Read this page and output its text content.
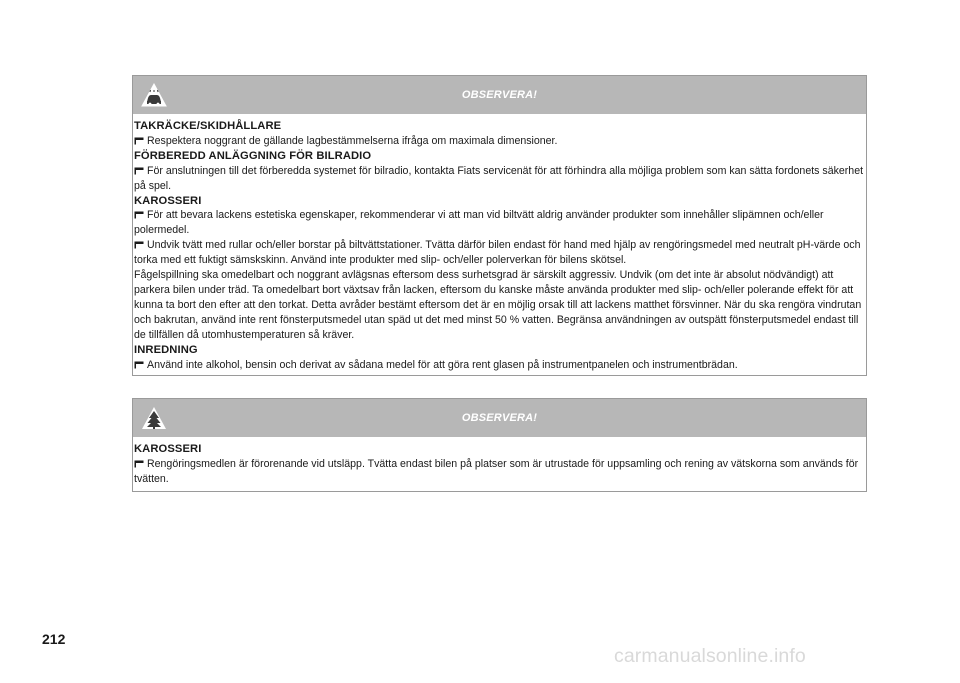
OBSERVERA!
TAKRÄCKE/SKIDHÅLLARE
Respektera noggrant de gällande lagbestämmelserna ifråga om maximala dimensioner.
FÖRBEREDD ANLÄGGNING FÖR BILRADIO
För anslutningen till det förberedda systemet för bilradio, kontakta Fiats servicenät för att förhindra alla möjliga problem som kan sätta fordonets säkerhet på spel.
KAROSSERI
För att bevara lackens estetiska egenskaper, rekommenderar vi att man vid biltvätt aldrig använder produkter som innehåller slipämnen och/eller polermedel.
Undvik tvätt med rullar och/eller borstar på biltvättstationer. Tvätta därför bilen endast för hand med hjälp av rengöringsmedel med neutralt pH-värde och torka med ett fuktigt sämskskinn. Använd inte produkter med slip- och/eller polerverkan för bilens skötsel.
Fågelspillning ska omedelbart och noggrant avlägsnas eftersom dess surhetsgrad är särskilt aggressiv. Undvik (om det inte är absolut nödvändigt) att parkera bilen under träd. Ta omedelbart bort växtsav från lacken, eftersom du kanske måste använda produkter med slip- och/eller polerande effekt för att kunna ta bort den efter att den torkat. Detta avråder bestämt eftersom det är en möjlig orsak till att lackens matthet försvinner. När du ska rengöra vindrutan och bakrutan, använd inte rent fönsterputsmedel utan späd ut det med minst 50 % vatten. Begränsa användningen av outspätt fönsterputsmedel endast till de tillfällen då utomhustemperaturen så kräver.
INREDNING
Använd inte alkohol, bensin och derivat av sådana medel för att göra rent glasen på instrumentpanelen och instrumentbrädan.
OBSERVERA!
KAROSSERI
Rengöringsmedlen är förorenande vid utsläpp. Tvätta endast bilen på platser som är utrustade för uppsamling och rening av vätskorna som används för tvätten.
212
carmanualsonline.info
